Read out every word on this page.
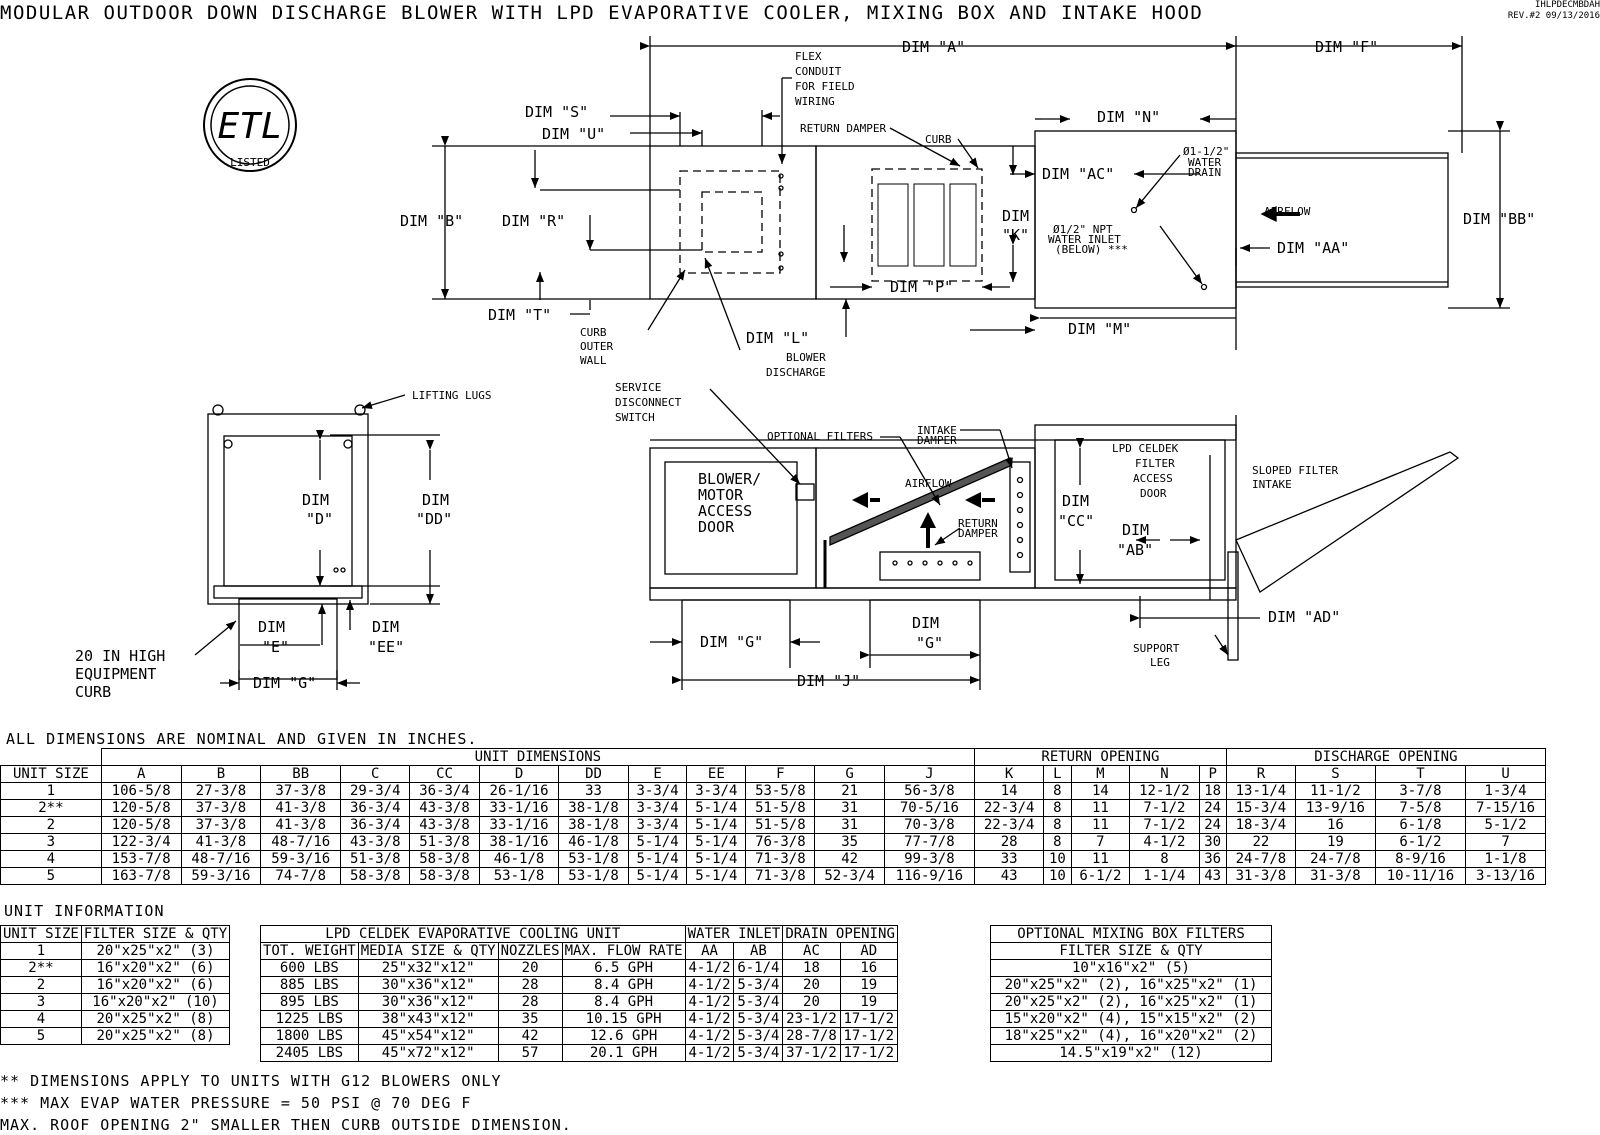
MODULAR OUTDOOR DOWN DISCHARGE BLOWER WITH LPD EVAPORATIVE COOLER, MIXING BOX AND INTAKE HOOD	IHLPDECMBDAH
REV.#2 09/13/2016
ETL
LISTED
DIM "A"	DIM "F"
DIM "S"
DIM "U"
DIM "B"	DIM "R"
DIM "T"
DIM "L"
DIM "N"
DIM "AC"
DIM
"K"
DIM "P"
DIM "M"
DIM "BB"
DIM "AA"
FLEX
CONDUIT
FOR FIELD
WIRING
RETURN DAMPER
CURB
Ø1-1/2"
WATER
DRAIN
Ø1/2" NPT
WATER INLET
(BELOW) ***
AIRFLOW
CURB
OUTER
WALL	BLOWER
DISCHARGE
LIFTING LUGS
DIM
"D"
DIM
"DD"
DIM
"E"
DIM
"EE"
DIM "G"
20 IN HIGH
EQUIPMENT
CURB
SERVICE
DISCONNECT
SWITCH
OPTIONAL FILTERS	INTAKE
DAMPER
BLOWER/
MOTOR
ACCESS
DOOR
AIRFLOW
RETURN
DAMPER
DIM
"CC"
LPD CELDEK
FILTER
ACCESS
DOOR
DIM
"AB"
SLOPED FILTER
INTAKE
DIM "G"
DIM
"G"
DIM "J"
DIM "AD"
SUPPORT
LEG
ALL DIMENSIONS ARE NOMINAL AND GIVEN IN INCHES.
	UNIT DIMENSIONS												RETURN OPENING					DISCHARGE OPENING			
UNIT SIZE	A	B	BB	C	CC	D	DD	E	EE	F	G	J	K	L	M	N	P	R	S	T	U
1	106-5/8	27-3/8	37-3/8	29-3/4	36-3/4	26-1/16	33	3-3/4	3-3/4	53-5/8	21	56-3/8	14	8	14	12-1/2	18	13-1/4	11-1/2	3-7/8	1-3/4
2**	120-5/8	37-3/8	41-3/8	36-3/4	43-3/8	33-1/16	38-1/8	3-3/4	5-1/4	51-5/8	31	70-5/16	22-3/4	8	11	7-1/2	24	15-3/4	13-9/16	7-5/8	7-15/16
2	120-5/8	37-3/8	41-3/8	36-3/4	43-3/8	33-1/16	38-1/8	3-3/4	5-1/4	51-5/8	31	70-3/8	22-3/4	8	11	7-1/2	24	18-3/4	16	6-1/8	5-1/2
3	122-3/4	41-3/8	48-7/16	43-3/8	51-3/8	38-1/16	46-1/8	5-1/4	5-1/4	76-3/8	35	77-7/8	28	8	7	4-1/2	30	22	19	6-1/2	7
4	153-7/8	48-7/16	59-3/16	51-3/8	58-3/8	46-1/8	53-1/8	5-1/4	5-1/4	71-3/8	42	99-3/8	33	10	11	8	36	24-7/8	24-7/8	8-9/16	1-1/8
5	163-7/8	59-3/16	74-7/8	58-3/8	58-3/8	53-1/8	53-1/8	5-1/4	5-1/4	71-3/8	52-3/4	116-9/16	43	10	6-1/2	1-1/4	43	31-3/8	31-3/8	10-11/16	3-13/16
UNIT INFORMATION
UNIT SIZE	FILTER SIZE & QTY
1	20"x25"x2" (3)
2**	16"x20"x2" (6)
2	16"x20"x2" (6)
3	16"x20"x2" (10)
4	20"x25"x2" (8)
5	20"x25"x2" (8)
LPD CELDEK EVAPORATIVE COOLING UNIT				WATER INLET		DRAIN OPENING	
TOT. WEIGHT	MEDIA SIZE & QTY	NOZZLES	MAX. FLOW RATE	AA	AB	AC	AD
600 LBS	25"x32"x12"	20	6.5 GPH	4-1/2	6-1/4	18	16
885 LBS	30"x36"x12"	28	8.4 GPH	4-1/2	5-3/4	20	19
895 LBS	30"x36"x12"	28	8.4 GPH	4-1/2	5-3/4	20	19
1225 LBS	38"x43"x12"	35	10.15 GPH	4-1/2	5-3/4	23-1/2	17-1/2
1800 LBS	45"x54"x12"	42	12.6 GPH	4-1/2	5-3/4	28-7/8	17-1/2
2405 LBS	45"x72"x12"	57	20.1 GPH	4-1/2	5-3/4	37-1/2	17-1/2
OPTIONAL MIXING BOX FILTERS
FILTER SIZE & QTY
10"x16"x2" (5)
20"x25"x2" (2), 16"x25"x2" (1)
20"x25"x2" (2), 16"x25"x2" (1)
15"x20"x2" (4), 15"x15"x2" (2)
18"x25"x2" (4), 16"x20"x2" (2)
14.5"x19"x2" (12)
** DIMENSIONS APPLY TO UNITS WITH G12 BLOWERS ONLY
*** MAX EVAP WATER PRESSURE = 50 PSI @ 70 DEG F
MAX. ROOF OPENING 2" SMALLER THEN CURB OUTSIDE DIMENSION.
